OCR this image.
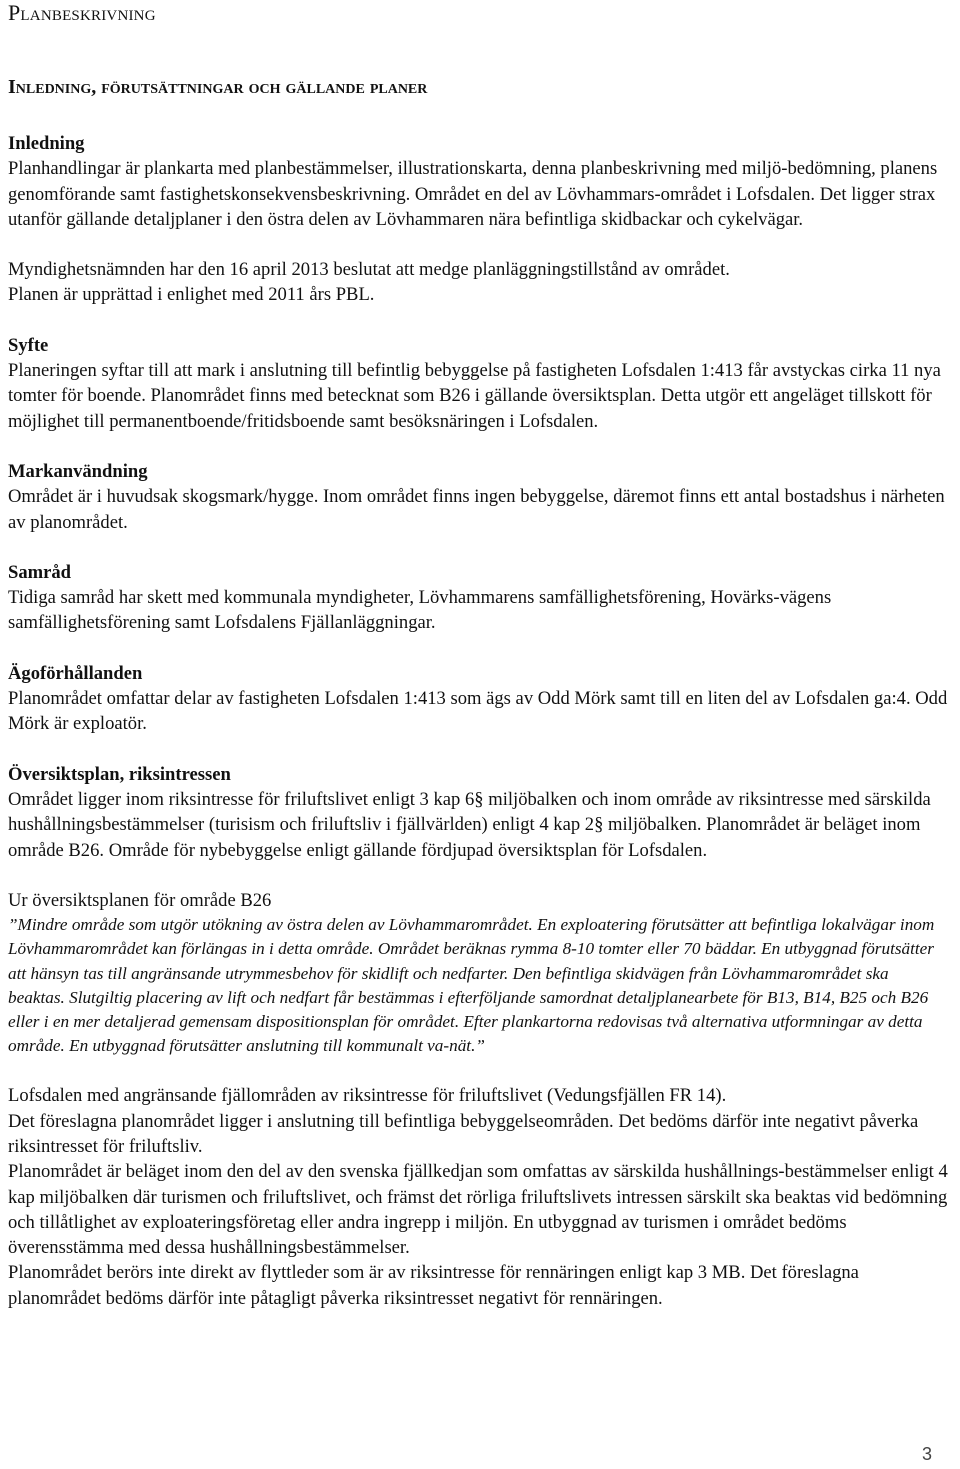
Planbeskrivning
Inledning, förutsättningar och gällande planer
Inledning
Planhandlingar är plankarta med planbestämmelser, illustrationskarta, denna planbeskrivning med miljö-bedömning, planens genomförande samt fastighetskonsekvensbeskrivning. Området en del av Lövhammars-området i Lofsdalen. Det ligger strax utanför gällande detaljplaner i den östra delen av Lövhammaren nära befintliga skidbackar och cykelvägar.
Myndighetsnämnden har den 16 april 2013 beslutat att medge planläggningstillstånd av området.
Planen är upprättad i enlighet med 2011 års PBL.
Syfte
Planeringen syftar till att mark i anslutning till befintlig bebyggelse på fastigheten Lofsdalen 1:413 får avstyckas cirka 11 nya tomter för boende. Planområdet finns med betecknat som B26 i gällande översiktsplan. Detta utgör ett angeläget tillskott för möjlighet till permanentboende/fritidsboende samt besöksnäringen i Lofsdalen.
Markanvändning
Området är i huvudsak skogsmark/hygge. Inom området finns ingen bebyggelse, däremot finns ett antal bostadshus i närheten av planområdet.
Samråd
Tidiga samråd har skett med kommunala myndigheter, Lövhammarens samfällighetsförening, Hovärks-vägens samfällighetsförening samt Lofsdalens Fjällanläggningar.
Ägoförhållanden
Planområdet omfattar delar av fastigheten Lofsdalen 1:413 som ägs av Odd Mörk samt till en liten del av Lofsdalen ga:4. Odd Mörk är exploatör.
Översiktsplan, riksintressen
Området ligger inom riksintresse för friluftslivet enligt 3 kap 6§ miljöbalken och inom område av riksintresse med särskilda hushållningsbestämmelser (turisism och friluftsliv i fjällvärlden) enligt 4 kap 2§ miljöbalken. Planområdet är beläget inom område B26. Område för nybebyggelse enligt gällande fördjupad översiktsplan för Lofsdalen.
Ur översiktsplanen för område B26
”Mindre område som utgör utökning av östra delen av Lövhammarområdet. En exploatering förutsätter att befintliga lokalvägar inom Lövhammarområdet kan förlängas in i detta område. Området beräknas rymma 8-10 tomter eller 70 bäddar. En utbyggnad förutsätter att hänsyn tas till angränsande utrymmesbehov för skidlift och nedfarter. Den befintliga skidvägen från Lövhammarområdet ska beaktas. Slutgiltig placering av lift och nedfart får bestämmas i efterföljande samordnat detaljplanearbete för B13, B14, B25 och B26 eller i en mer detaljerad gemensam dispositionsplan för området. Efter plankartorna redovisas två alternativa utformningar av detta område. En utbyggnad förutsätter anslutning till kommunalt va-nät.”
Lofsdalen med angränsande fjällområden av riksintresse för friluftslivet (Vedungsfjällen FR 14).
Det föreslagna planområdet ligger i anslutning till befintliga bebyggelseområden. Det bedöms därför inte negativt påverka riksintresset för friluftsliv.
Planområdet är beläget inom den del av den svenska fjällkedjan som omfattas av särskilda hushållnings-bestämmelser enligt 4 kap miljöbalken där turismen och friluftslivet, och främst det rörliga friluftslivets intressen särskilt ska beaktas vid bedömning och tillåtlighet av exploateringsföretag eller andra ingrepp i miljön. En utbyggnad av turismen i området bedöms överensstämma med dessa hushållningsbestämmelser.
Planområdet berörs inte direkt av flyttleder som är av riksintresse för rennäringen enligt kap 3 MB. Det föreslagna planområdet bedöms därför inte påtagligt påverka riksintresset negativt för rennäringen.
3
